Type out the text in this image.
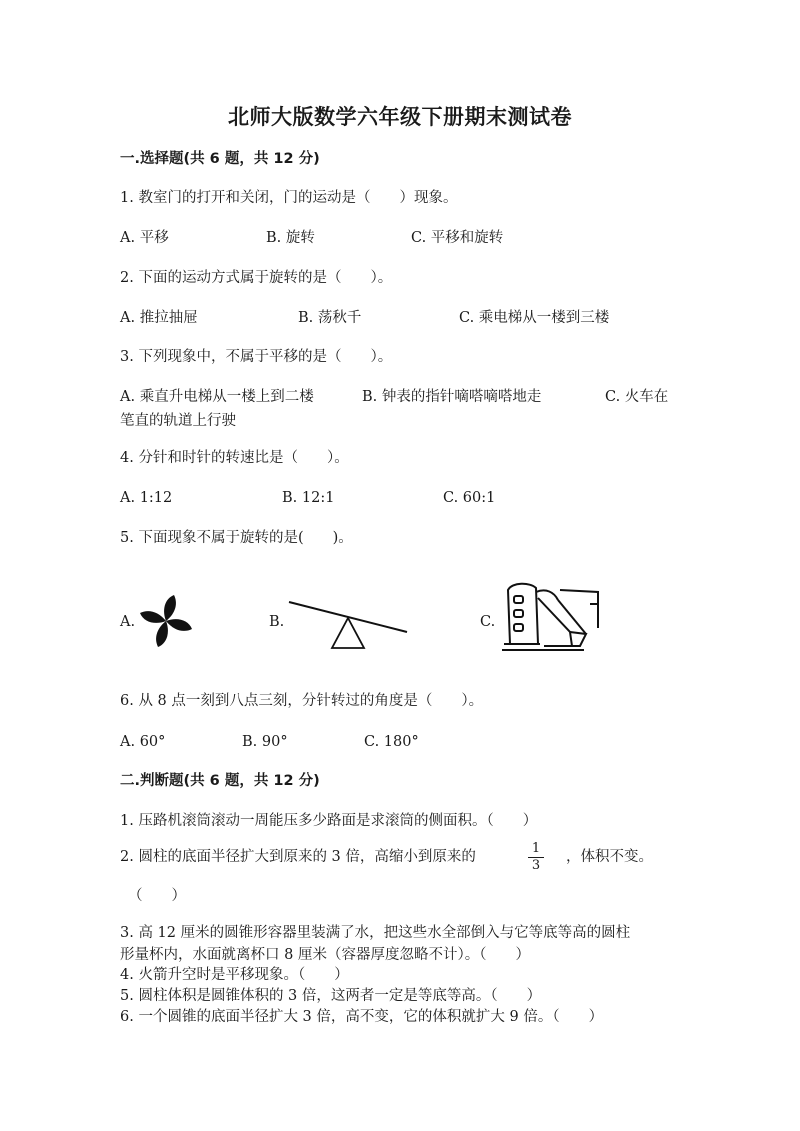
北师大版数学六年级下册期末测试卷
一.选择题(共 6 题，共 12 分)
1. 教室门的打开和关闭，门的运动是（　　）现象。
A. 平移	B. 旋转	C. 平移和旋转
2. 下面的运动方式属于旋转的是（　　）。
A. 推拉抽屉	B. 荡秋千	C. 乘电梯从一楼到三楼
3. 下列现象中，不属于平移的是（　　）。
A. 乘直升电梯从一楼上到二楼	B. 钟表的指针嘀嗒嘀嗒地走	C. 火车在
笔直的轨道上行驶
4. 分针和时针的转速比是（　　）。
A. 1:12	B. 12:1	C. 60:1
5. 下面现象不属于旋转的是(　　)。
A.	B.	C.
6. 从 8 点一刻到八点三刻，分针转过的角度是（　　）。
A. 60°	B. 90°	C. 180°
二.判断题(共 6 题，共 12 分)
1. 压路机滚筒滚动一周能压多少路面是求滚筒的侧面积。（　　）
2. 圆柱的底面半径扩大到原来的 3 倍，高缩小到原来的
1
3
，体积不变。
（　　）
3. 高 12 厘米的圆锥形容器里装满了水，把这些水全部倒入与它等底等高的圆柱
形量杯内，水面就离杯口 8 厘米（容器厚度忽略不计）。（　　）
4. 火箭升空时是平移现象。（　　）
5. 圆柱体积是圆锥体积的 3 倍，这两者一定是等底等高。（　　）
6. 一个圆锥的底面半径扩大 3 倍，高不变，它的体积就扩大 9 倍。（　　）
